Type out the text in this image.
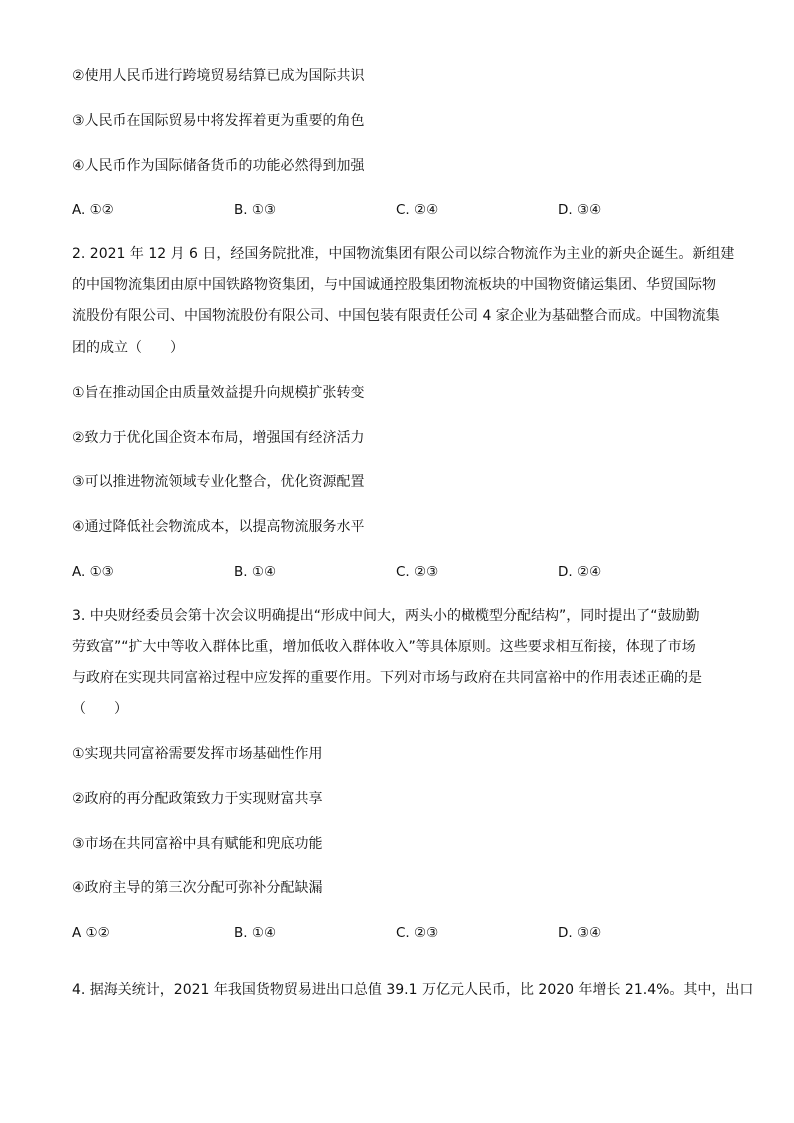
②使用人民币进行跨境贸易结算已成为国际共识
③人民币在国际贸易中将发挥着更为重要的角色
④人民币作为国际储备货币的功能必然得到加强
A. ①②	B. ①③	C. ②④	D. ③④
2. 2021 年 12 月 6 日，经国务院批准，中国物流集团有限公司以综合物流作为主业的新央企诞生。新组建
的中国物流集团由原中国铁路物资集团，与中国诚通控股集团物流板块的中国物资储运集团、华贸国际物
流股份有限公司、中国物流股份有限公司、中国包装有限责任公司 4 家企业为基础整合而成。中国物流集
团的成立（　　）
①旨在推动国企由质量效益提升向规模扩张转变
②致力于优化国企资本布局，增强国有经济活力
③可以推进物流领域专业化整合，优化资源配置
④通过降低社会物流成本，以提高物流服务水平
A. ①③	B. ①④	C. ②③	D. ②④
3. 中央财经委员会第十次会议明确提出“形成中间大，两头小的橄榄型分配结构”，同时提出了“鼓励勤
劳致富”“扩大中等收入群体比重，增加低收入群体收入”等具体原则。这些要求相互衔接，体现了市场
与政府在实现共同富裕过程中应发挥的重要作用。下列对市场与政府在共同富裕中的作用表述正确的是
（　　）
①实现共同富裕需要发挥市场基础性作用
②政府的再分配政策致力于实现财富共享
③市场在共同富裕中具有赋能和兜底功能
④政府主导的第三次分配可弥补分配缺漏
A ①②	B. ①④	C. ②③	D. ③④
4. 据海关统计，2021 年我国货物贸易进出口总值 39.1 万亿元人民币，比 2020 年增长 21.4%。其中，出口
